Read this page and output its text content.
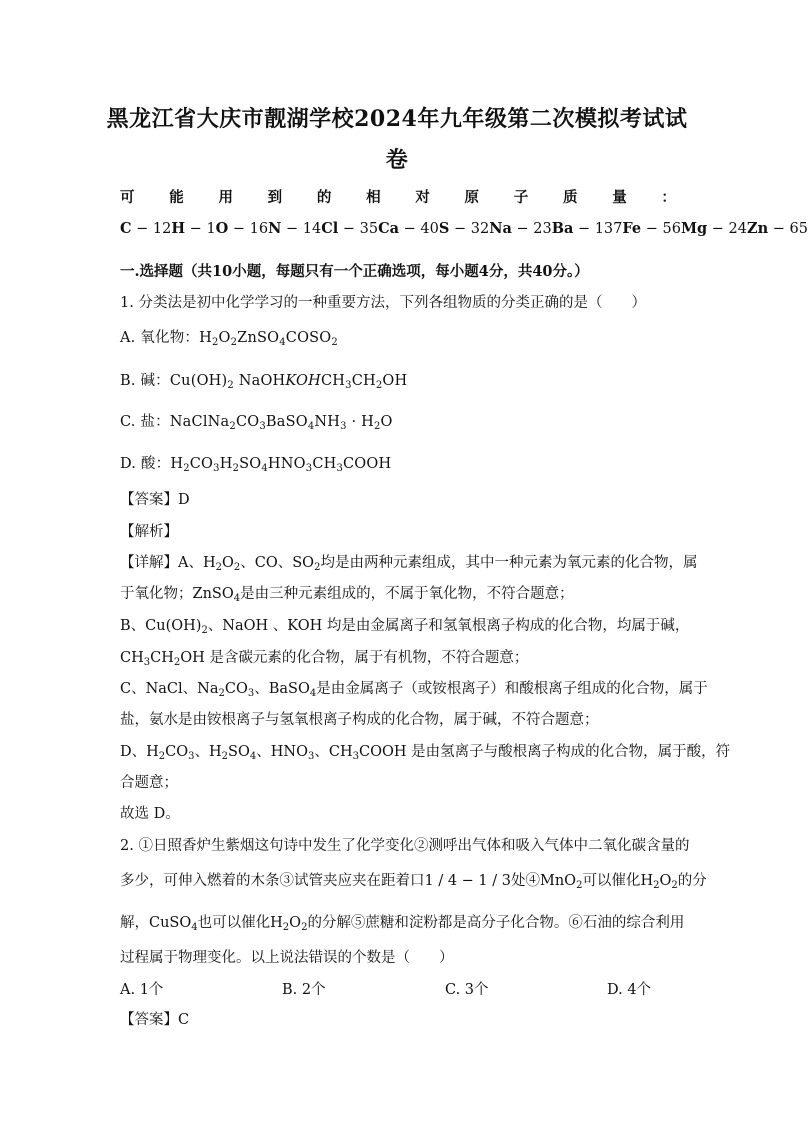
黑龙江省大庆市靓湖学校2024年九年级第二次模拟考试试
卷
可 能 用 到 的 相 对 原 子 质 量 ：
C − 12H − 1O − 16N − 14Cl − 35Ca − 40S − 32Na − 23Ba − 137Fe − 56Mg − 24Zn − 65
一.选择题（共10小题，每题只有一个正确选项，每小题4分，共40分。）
1. 分类法是初中化学学习的一种重要方法，下列各组物质的分类正确的是（　　）
A. 氧化物：$H_2O_2ZnSO_4COSO_2$
B. 碱：$Cu(OH)_2$ $NaOHKOHCH_3CH_2OH$
C. 盐：$NaClNa_2CO_3BaSO_4NH_3 \cdot H_2O$
D. 酸：$H_2CO_3H_2SO_4HNO_3CH_3COOH$
【答案】D
【解析】
【详解】A、$H_2O_2$、CO、$SO_2$均是由两种元素组成，其中一种元素为氧元素的化合物，属
于氧化物；ZnSO$_4$是由三种元素组成的，不属于氧化物，不符合题意；
B、$Cu(OH)_2$、NaOH 、KOH 均是由金属离子和氢氧根离子构成的化合物，均属于碱，
$CH_3CH_2OH$ 是含碳元素的化合物，属于有机物，不符合题意；
C、NaCl、$Na_2CO_3$、BaSO$_4$是由金属离子（或铵根离子）和酸根离子组成的化合物，属于
盐，氨水是由铵根离子与氢氧根离子构成的化合物，属于碱，不符合题意；
D、$H_2CO_3$、$H_2SO_4$、$HNO_3$、$CH_3COOH$ 是由氢离子与酸根离子构成的化合物，属于酸，符
合题意；
故选 D。
2. ①日照香炉生紫烟这句诗中发生了化学变化②测呼出气体和吸入气体中二氧化碳含量的
多少，可伸入燃着的木条③试管夹应夹在距着口1 / 4 − 1 / 3处④MnO$_2$可以催化$H_2O_2$的分
解，CuSO$_4$也可以催化$H_2O_2$的分解⑤蔗糖和淀粉都是高分子化合物。⑥石油的综合利用
过程属于物理变化。以上说法错误的个数是（　　）
A. 1个	B. 2个	C. 3个	D. 4个
【答案】C
